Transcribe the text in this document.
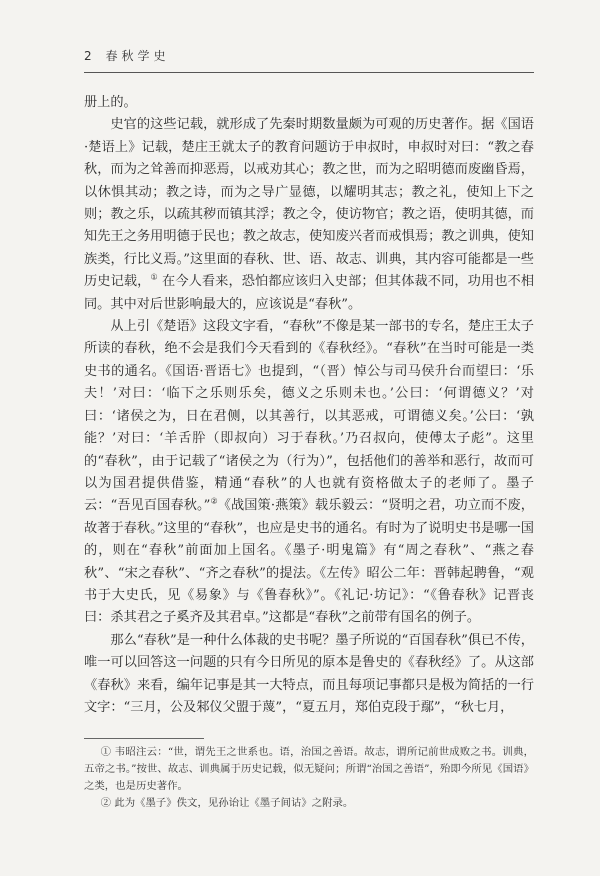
2 春秋学史

册上的。

史官的这些记载，就形成了先秦时期数量颇为可观的历史著作。据《国语·楚语上》记载，楚庄王就太子的教育问题访于申叔时，申叔时对曰：“教之春秋，而为之耸善而抑恶焉，以戒劝其心；教之世，而为之昭明德而废幽昏焉，以休惧其动；教之诗，而为之导广显德，以耀明其志；教之礼，使知上下之则；教之乐，以疏其秽而镇其浮；教之令，使访物官；教之语，使明其德，而知先王之务用明德于民也；教之故志，使知废兴者而戒惧焉；教之训典，使知族类，行比义焉。”这里面的春秋、世、语、故志、训典，其内容可能都是一些历史记载，① 在今人看来，恐怕都应该归入史部；但其体裁不同，功用也不相同。其中对后世影响最大的，应该说是“春秋”。

从上引《楚语》这段文字看，“春秋”不像是某一部书的专名，楚庄王太子所读的春秋，绝不会是我们今天看到的《春秋经》。“春秋”在当时可能是一类史书的通名。《国语·晋语七》也提到，“（晋）悼公与司马侯升台而望曰：‘乐夫！’对曰：‘临下之乐则乐矣，德义之乐则未也。’公曰：‘何谓德义？’对曰：‘诸侯之为，日在君侧，以其善行，以其恶戒，可谓德义矣。’公曰：‘孰能？’对曰：‘羊舌肸（即叔向）习于春秋。’乃召叔向，使傅太子彪”。这里的“春秋”，由于记载了“诸侯之为（行为）”，包括他们的善举和恶行，故而可以为国君提供借鉴，精通“春秋”的人也就有资格做太子的老师了。墨子云：“吾见百国春秋。”②《战国策·燕策》载乐毅云：“贤明之君，功立而不废，故著于春秋。”这里的“春秋”，也应是史书的通名。有时为了说明史书是哪一国的，则在“春秋”前面加上国名。《墨子·明鬼篇》有“周之春秋”、“燕之春秋”、“宋之春秋”、“齐之春秋”的提法。《左传》昭公二年：晋韩起聘鲁，“观书于大史氏，见《易象》与《鲁春秋》”。《礼记·坊记》：“《鲁春秋》记晋丧曰：杀其君之子奚齐及其君卓。”这都是“春秋”之前带有国名的例子。

那么“春秋”是一种什么体裁的史书呢？墨子所说的“百国春秋”俱已不传，唯一可以回答这一问题的只有今日所见的原本是鲁史的《春秋经》了。从这部《春秋》来看，编年记事是其一大特点，而且每项记事都只是极为简括的一行文字：“三月，公及邾仪父盟于蔑”，“夏五月，郑伯克段于鄢”，“秋七月，

① 韦昭注云：“世，谓先王之世系也。语，治国之善语。故志，谓所记前世成败之书。训典，五帝之书。”按世、故志、训典属于历史记载，似无疑问；所谓“治国之善语”，殆即今所见《国语》之类，也是历史著作。

② 此为《墨子》佚文，见孙诒让《墨子间诂》之附录。
